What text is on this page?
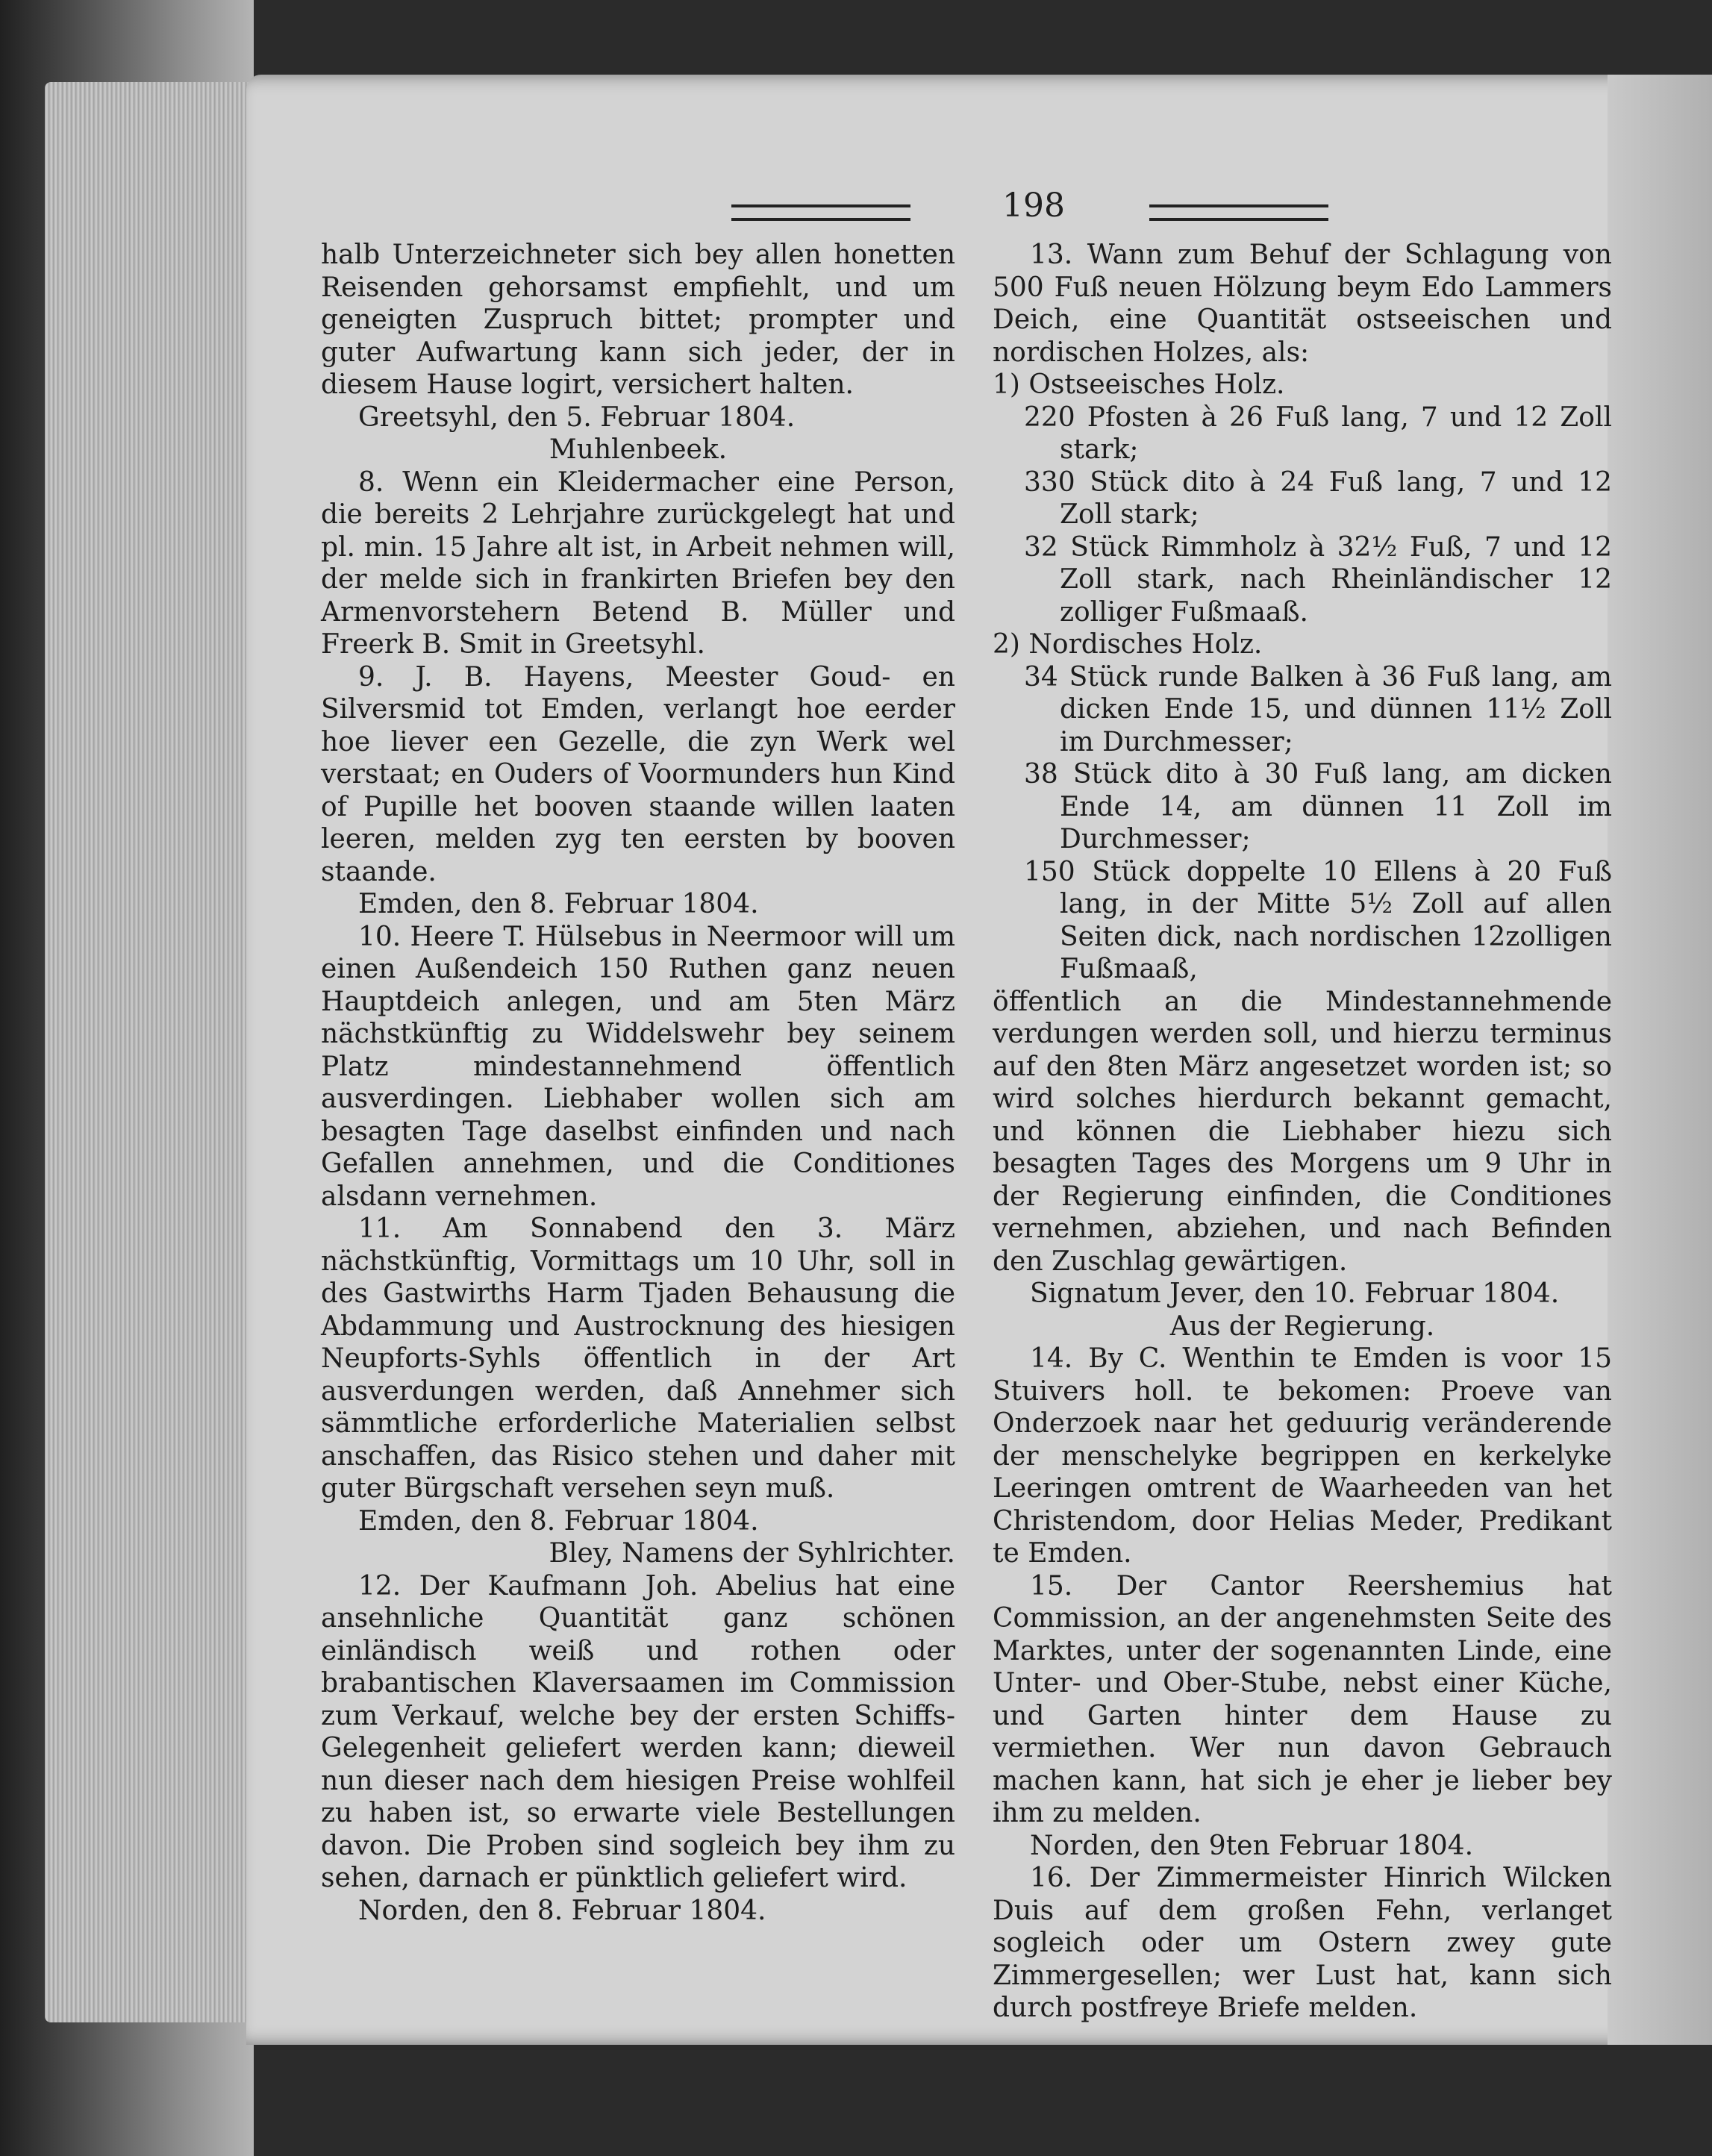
198

halb Unterzeichneter sich bey allen honetten Reisenden gehorsamst empfiehlt, und um geneigten Zuspruch bittet; prompter und guter Aufwartung kann sich jeder, der in diesem Hause logirt, versichert halten.

Greetsyhl, den 5. Februar 1804.

Muhlenbeek.

8. Wenn ein Kleidermacher eine Person, die bereits 2 Lehrjahre zurückgelegt hat und pl. min. 15 Jahre alt ist, in Arbeit nehmen will, der melde sich in frankirten Briefen bey den Armenvorstehern Betend B. Müller und Freerk B. Smit in Greetsyhl.

9. J. B. Hayens, Meester Goud- en Silversmid tot Emden, verlangt hoe eerder hoe liever een Gezelle, die zyn Werk wel verstaat; en Ouders of Voormunders hun Kind of Pupille het booven staande willen laaten leeren, melden zyg ten eersten by booven staande.

Emden, den 8. Februar 1804.

10. Heere T. Hülsebus in Neermoor will um einen Außendeich 150 Ruthen ganz neuen Hauptdeich anlegen, und am 5ten März nächstkünftig zu Widdelswehr bey seinem Platz mindestannehmend öffentlich ausverdingen. Liebhaber wollen sich am besagten Tage daselbst einfinden und nach Gefallen annehmen, und die Conditiones alsdann vernehmen.

11. Am Sonnabend den 3. März nächstkünftig, Vormittags um 10 Uhr, soll in des Gastwirths Harm Tjaden Behausung die Abdammung und Austrocknung des hiesigen Neupforts-Syhls öffentlich in der Art ausverdungen werden, daß Annehmer sich sämmtliche erforderliche Materialien selbst anschaffen, das Risico stehen und daher mit guter Bürgschaft versehen seyn muß.

Emden, den 8. Februar 1804.

Bley, Namens der Syhlrichter.

12. Der Kaufmann Joh. Abelius hat eine ansehnliche Quantität ganz schönen einländisch weiß und rothen oder brabantischen Klaversaamen im Commission zum Verkauf, welche bey der ersten Schiffs-Gelegenheit geliefert werden kann; dieweil nun dieser nach dem hiesigen Preise wohlfeil zu haben ist, so erwarte viele Bestellungen davon. Die Proben sind sogleich bey ihm zu sehen, darnach er pünktlich geliefert wird.

Norden, den 8. Februar 1804.

13. Wann zum Behuf der Schlagung von 500 Fuß neuen Hölzung beym Edo Lammers Deich, eine Quantität ostseeischen und nordischen Holzes, als:

1) Ostseeisches Holz.

220 Pfosten à 26 Fuß lang, 7 und 12 Zoll stark;

330 Stück dito à 24 Fuß lang, 7 und 12 Zoll stark;

32 Stück Rimmholz à 32½ Fuß, 7 und 12 Zoll stark, nach Rheinländischer 12 zolliger Fußmaaß.

2) Nordisches Holz.

34 Stück runde Balken à 36 Fuß lang, am dicken Ende 15, und dünnen 11½ Zoll im Durchmesser;

38 Stück dito à 30 Fuß lang, am dicken Ende 14, am dünnen 11 Zoll im Durchmesser;

150 Stück doppelte 10 Ellens à 20 Fuß lang, in der Mitte 5½ Zoll auf allen Seiten dick, nach nordischen 12zolligen Fußmaaß,

öffentlich an die Mindestannehmende verdungen werden soll, und hierzu terminus auf den 8ten März angesetzet worden ist; so wird solches hierdurch bekannt gemacht, und können die Liebhaber hiezu sich besagten Tages des Morgens um 9 Uhr in der Regierung einfinden, die Conditiones vernehmen, abziehen, und nach Befinden den Zuschlag gewärtigen.

Signatum Jever, den 10. Februar 1804.

Aus der Regierung.

14. By C. Wenthin te Emden is voor 15 Stuivers holl. te bekomen: Proeve van Onderzoek naar het geduurig veränderende der menschelyke begrippen en kerkelyke Leeringen omtrent de Waarheeden van het Christendom, door Helias Meder, Predikant te Emden.

15. Der Cantor Reershemius hat Commission, an der angenehmsten Seite des Marktes, unter der sogenannten Linde, eine Unter- und Ober-Stube, nebst einer Küche, und Garten hinter dem Hause zu vermiethen. Wer nun davon Gebrauch machen kann, hat sich je eher je lieber bey ihm zu melden.

Norden, den 9ten Februar 1804.

16. Der Zimmermeister Hinrich Wilcken Duis auf dem großen Fehn, verlanget sogleich oder um Ostern zwey gute Zimmergesellen; wer Lust hat, kann sich durch postfreye Briefe melden.
